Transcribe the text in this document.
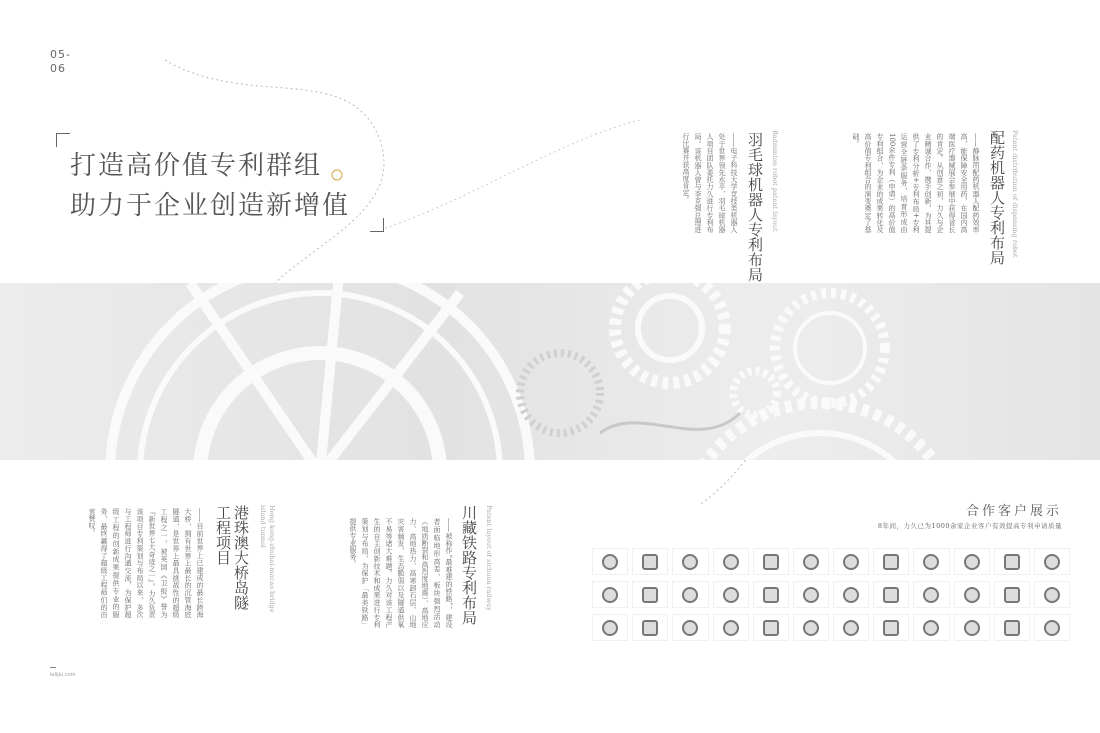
05-
06
打造高价值专利群组
助力于企业创造新增值	Patent distribution of dispensing robot
配药机器人专利布局
——静脉用配药机器人配药效率高，能保障安全用药，在国内高端医疗器械展会参展中获得省长的肯定。从创意之初，力久与企业精诚合作，携手创新，为其提供了专利分析+专利布局+专利运营全链条服务，培育形成由100余件专利（申请）的高价值专利组合，为企业的成果转化及高价值专利组合的演变奠定了基础。
Badminton robot patent layout
羽毛球机器人专利布局
——电子科技大学竞技类机器人处于世界领先水平，羽毛球机器人项目团队委托力久进行专利布局。该机器人曾与李克强总理进行比赛并获高度肯定。
Patent layout of sichuan railway
川藏铁路专利布局
——被称作“最难建的铁路”，建设者面临地形高差、板块强烈活动（地质断裂和高烈度地震）、高地应力、高地热力、高寒卸石层、山地灾害频发、生态脆弱以及隧道供氧不易等诸大难题。力久对该工程产生的自主创新技术和成果进行专利策划与布局，为保护「最美铁路」提供专业服务。
Hong kong-zhuhai-macao bridge island tunnel
港珠澳大桥岛隧工程项目
——目前世界上已建成的最长跨海大桥，拥有世界上最长的沉管海底隧道，是世界上最具挑战性的超级工程之一，被英国《卫报》誉为『新世界七大奇迹之一』。力久负责该项目专利策划与布局以来，多次与工程师进行沟通交流，为保护超级工程的创新成果提供专业的服务，最终赢得了超级工程师们的由衷赞叹。	合作客户展示
8年间，力久已为1000余家企业客户有效提高专利申请质量
lelijiu.com
